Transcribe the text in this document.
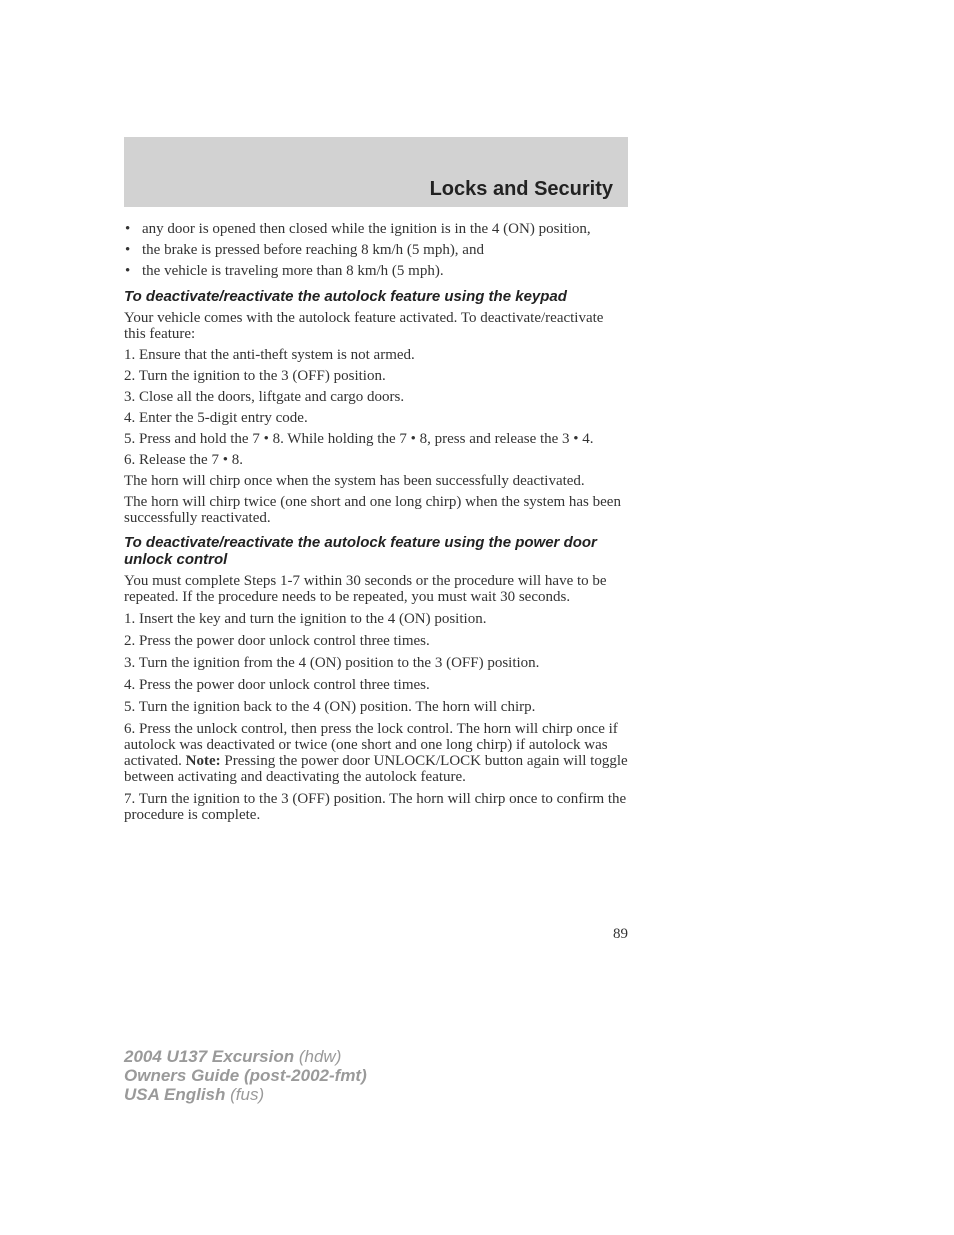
Locks and Security
• any door is opened then closed while the ignition is in the 4 (ON) position,
• the brake is pressed before reaching 8 km/h (5 mph), and
• the vehicle is traveling more than 8 km/h (5 mph).
To deactivate/reactivate the autolock feature using the keypad

Your vehicle comes with the autolock feature activated. To deactivate/reactivate this feature:

1. Ensure that the anti-theft system is not armed.

2. Turn the ignition to the 3 (OFF) position.

3. Close all the doors, liftgate and cargo doors.

4. Enter the 5-digit entry code.

5. Press and hold the 7 • 8. While holding the 7 • 8, press and release the 3 • 4.

6. Release the 7 • 8.

The horn will chirp once when the system has been successfully deactivated.

The horn will chirp twice (one short and one long chirp) when the system has been successfully reactivated.

To deactivate/reactivate the autolock feature using the power door unlock control

You must complete Steps 1-7 within 30 seconds or the procedure will have to be repeated. If the procedure needs to be repeated, you must wait 30 seconds.

1. Insert the key and turn the ignition to the 4 (ON) position.

2. Press the power door unlock control three times.

3. Turn the ignition from the 4 (ON) position to the 3 (OFF) position.

4. Press the power door unlock control three times.

5. Turn the ignition back to the 4 (ON) position. The horn will chirp.

6. Press the unlock control, then press the lock control. The horn will chirp once if autolock was deactivated or twice (one short and one long chirp) if autolock was activated. Note: Pressing the power door UNLOCK/LOCK button again will toggle between activating and deactivating the autolock feature.

7. Turn the ignition to the 3 (OFF) position. The horn will chirp once to confirm the procedure is complete.

89
2004 U137 Excursion (hdw)
Owners Guide (post-2002-fmt)
USA English (fus)
